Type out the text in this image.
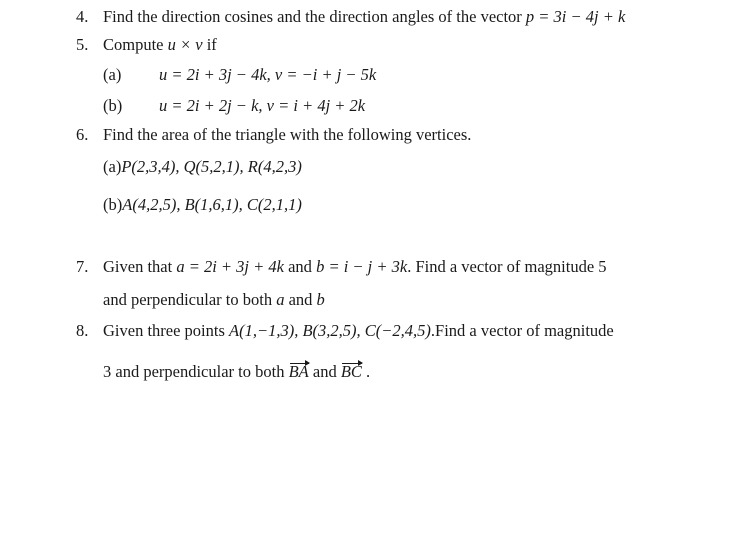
4. Find the direction cosines and the direction angles of the vector p = 3i − 4j + k
5. Compute u × v if
(a) u = 2i + 3j − 4k, v = −i + j − 5k
(b) u = 2i + 2j − k, v = i + 4j + 2k
6. Find the area of the triangle with the following vertices.
(a)P(2,3,4), Q(5,2,1), R(4,2,3)
(b)A(4,2,5), B(1,6,1), C(2,1,1)
7. Given that a = 2i + 3j + 4k and b = i − j + 3k. Find a vector of magnitude 5
and perpendicular to both a and b
8. Given three points A(1,−1,3), B(3,2,5), C(−2,4,5).Find a vector of magnitude
3 and perpendicular to both BA and BC .
